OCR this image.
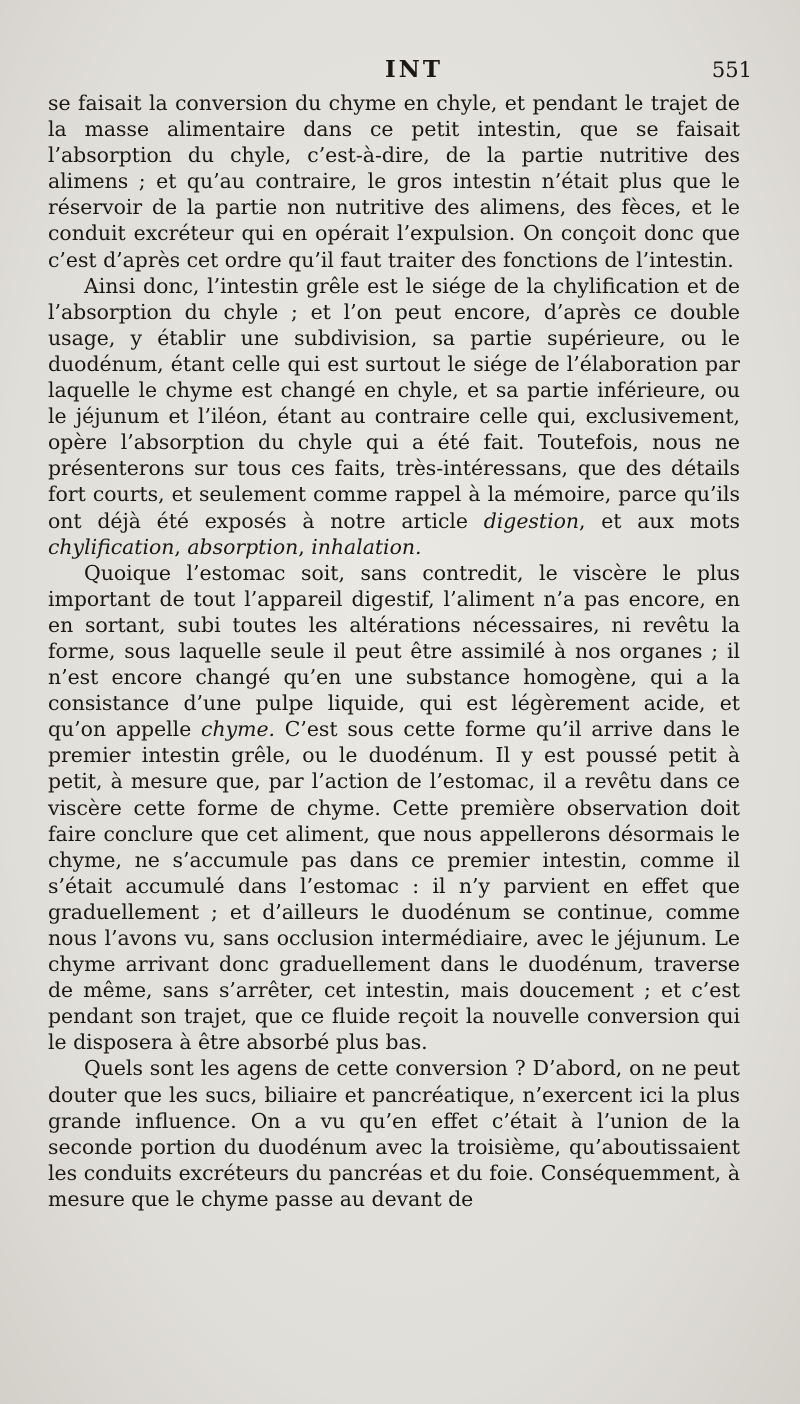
INT	551

se faisait la conversion du chyme en chyle, et pendant le trajet de la masse alimentaire dans ce petit intestin, que se faisait l’absorption du chyle, c’est-à-dire, de la partie nutritive des alimens ; et qu’au contraire, le gros intestin n’était plus que le réservoir de la partie non nutritive des alimens, des fèces, et le conduit excréteur qui en opérait l’expulsion. On conçoit donc que c’est d’après cet ordre qu’il faut traiter des fonctions de l’intestin.

Ainsi donc, l’intestin grêle est le siége de la chylification et de l’absorption du chyle ; et l’on peut encore, d’après ce double usage, y établir une subdivision, sa partie supérieure, ou le duodénum, étant celle qui est surtout le siége de l’élaboration par laquelle le chyme est changé en chyle, et sa partie inférieure, ou le jéjunum et l’iléon, étant au contraire celle qui, exclusivement, opère l’absorption du chyle qui a été fait. Toutefois, nous ne présenterons sur tous ces faits, très-intéressans, que des détails fort courts, et seulement comme rappel à la mémoire, parce qu’ils ont déjà été exposés à notre article digestion, et aux mots chylification, absorption, inhalation.

Quoique l’estomac soit, sans contredit, le viscère le plus important de tout l’appareil digestif, l’aliment n’a pas encore, en en sortant, subi toutes les altérations nécessaires, ni revêtu la forme, sous laquelle seule il peut être assimilé à nos organes ; il n’est encore changé qu’en une substance homogène, qui a la consistance d’une pulpe liquide, qui est légèrement acide, et qu’on appelle chyme. C’est sous cette forme qu’il arrive dans le premier intestin grêle, ou le duodénum. Il y est poussé petit à petit, à mesure que, par l’action de l’estomac, il a revêtu dans ce viscère cette forme de chyme. Cette première observation doit faire conclure que cet aliment, que nous appellerons désormais le chyme, ne s’accumule pas dans ce premier intestin, comme il s’était accumulé dans l’estomac : il n’y parvient en effet que graduellement ; et d’ailleurs le duodénum se continue, comme nous l’avons vu, sans occlusion intermédiaire, avec le jéjunum. Le chyme arrivant donc graduellement dans le duodénum, traverse de même, sans s’arrêter, cet intestin, mais doucement ; et c’est pendant son trajet, que ce fluide reçoit la nouvelle conversion qui le disposera à être absorbé plus bas.

Quels sont les agens de cette conversion ? D’abord, on ne peut douter que les sucs, biliaire et pancréatique, n’exercent ici la plus grande influence. On a vu qu’en effet c’était à l’union de la seconde portion du duodénum avec la troisième, qu’aboutissaient les conduits excréteurs du pancréas et du foie. Conséquemment, à mesure que le chyme passe au devant de
